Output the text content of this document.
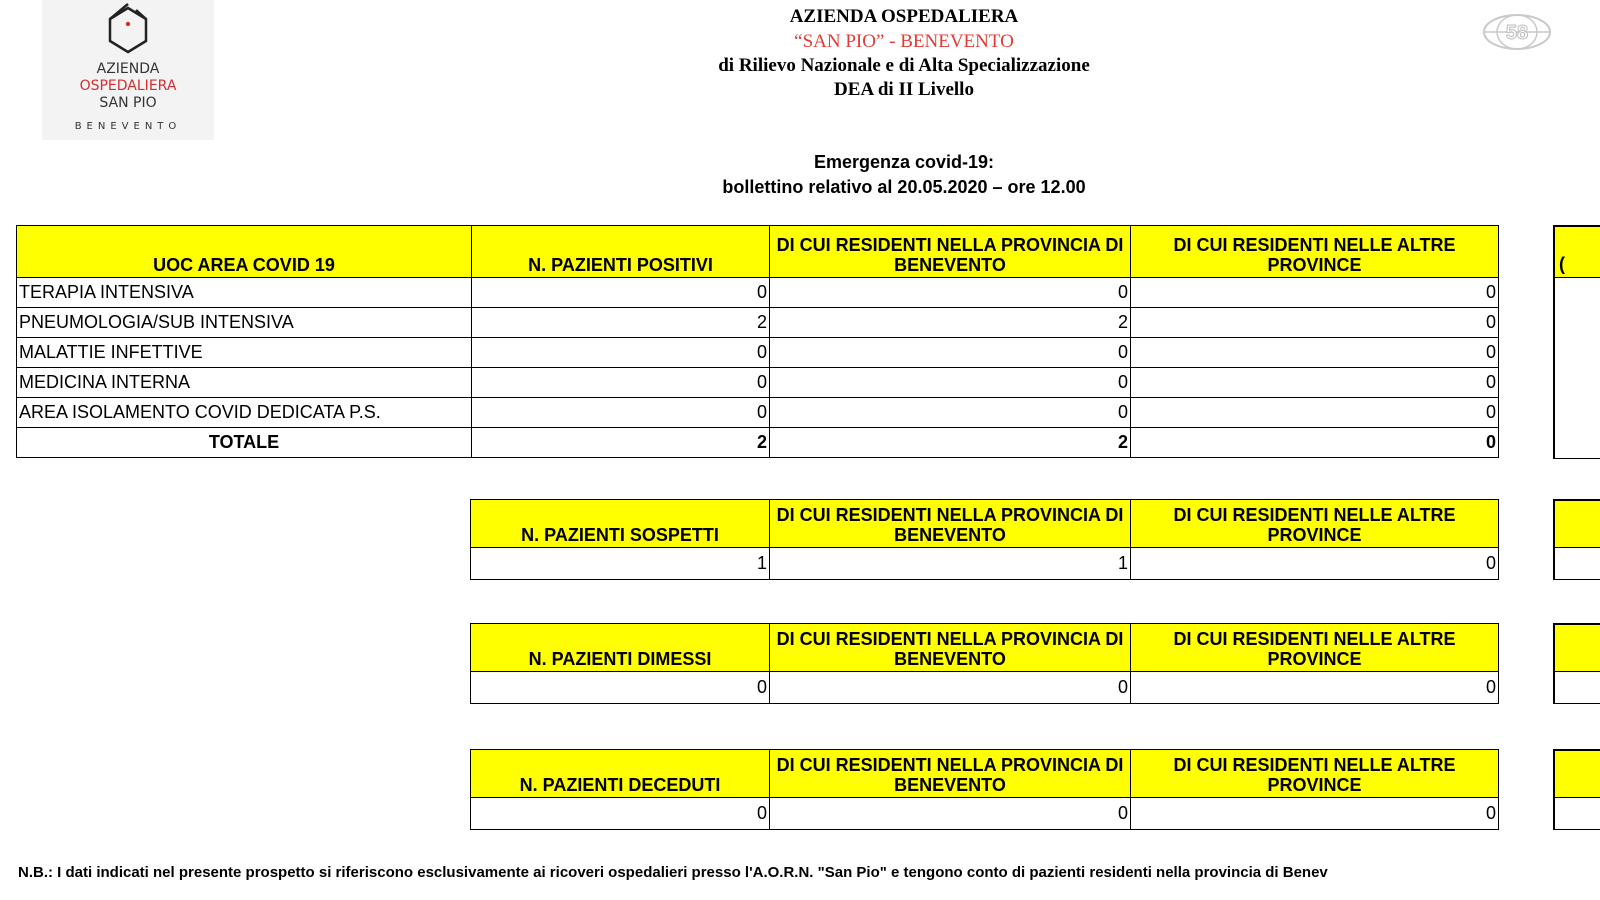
AZIENDA
OSPEDALIERA
SAN PIO
BENEVENTO
AZIENDA OSPEDALIERA
“SAN PIO” - BENEVENTO
di Rilievo Nazionale e di Alta Specializzazione
DEA di II Livello
Emergenza covid-19:
bollettino relativo al 20.05.2020 – ore 12.00
UOC AREA COVID 19	N. PAZIENTI POSITIVI	DI CUI RESIDENTI NELLA PROVINCIA DI BENEVENTO	DI CUI RESIDENTI NELLE ALTRE PROVINCE
TERAPIA INTENSIVA	0	0	0
PNEUMOLOGIA/SUB INTENSIVA	2	2	0
MALATTIE INFETTIVE	0	0	0
MEDICINA INTERNA	0	0	0
AREA ISOLAMENTO COVID DEDICATA P.S.	0	0	0
TOTALE	2	2	0
N. PAZIENTI SOSPETTI	DI CUI RESIDENTI NELLA PROVINCIA DI BENEVENTO	DI CUI RESIDENTI NELLE ALTRE PROVINCE
1	1	0
N. PAZIENTI DIMESSI	DI CUI RESIDENTI NELLA PROVINCIA DI BENEVENTO	DI CUI RESIDENTI NELLE ALTRE PROVINCE
0	0	0
N. PAZIENTI DECEDUTI	DI CUI RESIDENTI NELLA PROVINCIA DI BENEVENTO	DI CUI RESIDENTI NELLE ALTRE PROVINCE
0	0	0
(
N.B.: I dati indicati nel presente prospetto si riferiscono esclusivamente ai ricoveri ospedalieri presso l'A.O.R.N. "San Pio" e tengono conto di pazienti residenti nella provincia di Benev
58
